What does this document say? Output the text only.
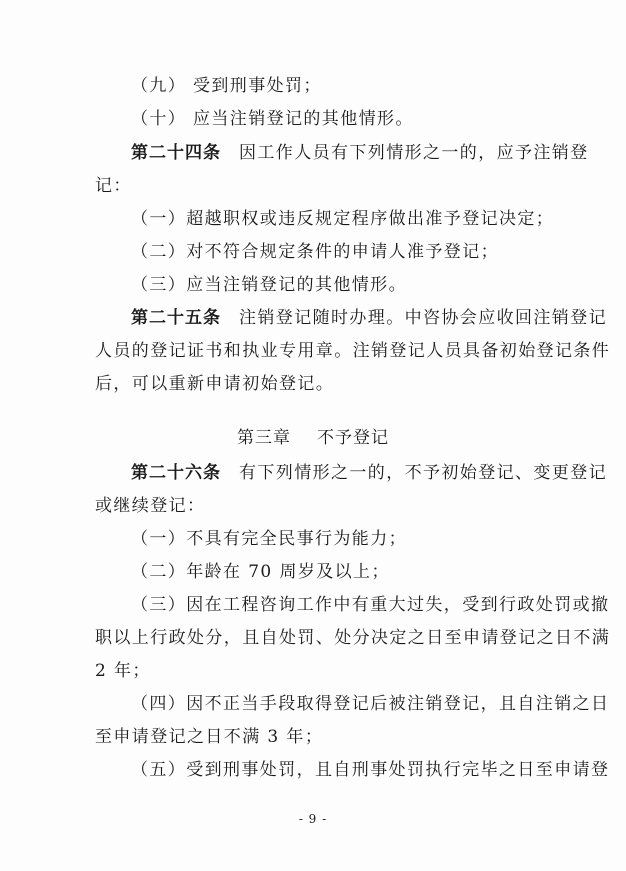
（九） 受到刑事处罚；
（十） 应当注销登记的其他情形。
第二十四条 因工作人员有下列情形之一的，应予注销登
记：
（一）超越职权或违反规定程序做出准予登记决定；
（二）对不符合规定条件的申请人准予登记；
（三）应当注销登记的其他情形。
第二十五条 注销登记随时办理。中咨协会应收回注销登记
人员的登记证书和执业专用章。注销登记人员具备初始登记条件
后，可以重新申请初始登记。
第三章 不予登记
第二十六条 有下列情形之一的，不予初始登记、变更登记
或继续登记：
（一）不具有完全民事行为能力；
（二）年龄在 70 周岁及以上；
（三）因在工程咨询工作中有重大过失，受到行政处罚或撤
职以上行政处分，且自处罚、处分决定之日至申请登记之日不满
2 年；
（四）因不正当手段取得登记后被注销登记，且自注销之日
至申请登记之日不满 3 年；
（五）受到刑事处罚，且自刑事处罚执行完毕之日至申请登
- 9 -
